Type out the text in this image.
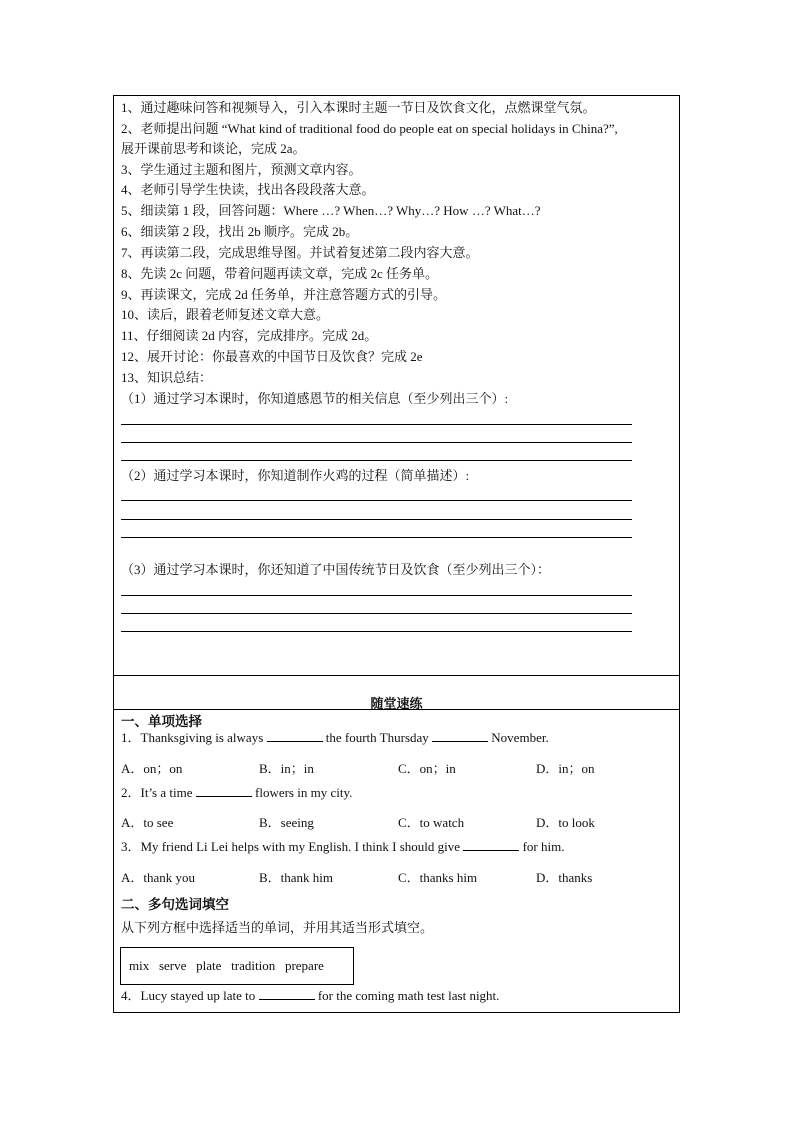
1、通过趣味问答和视频导入，引入本课时主题一节日及饮食文化，点燃课堂气氛。
2、老师提出问题 “What kind of traditional food do people eat on special holidays in China?”,
展开课前思考和谈论，完成 2a。
3、学生通过主题和图片，预测文章内容。
4、老师引导学生快读，找出各段段落大意。
5、细读第 1 段，回答问题：Where …? When…? Why…? How …? What…?
6、细读第 2 段，找出 2b 顺序。完成 2b。
7、再读第二段，完成思维导图。并试着复述第二段内容大意。
8、先读 2c 问题，带着问题再读文章，完成 2c 任务单。
9、再读课文，完成 2d 任务单，并注意答题方式的引导。
10、读后，跟着老师复述文章大意。
11、仔细阅读 2d 内容，完成排序。完成 2d。
12、展开讨论：你最喜欢的中国节日及饮食？完成 2e
13、知识总结：
（1）通过学习本课时，你知道感恩节的相关信息（至少列出三个）:
（2）通过学习本课时，你知道制作火鸡的过程（简单描述）:
（3）通过学习本课时，你还知道了中国传统节日及饮食（至少列出三个）：
随堂速练
一、单项选择
1．Thanksgiving is always	the fourth Thursday	November.
A．on；on	B．in；in	C．on；in	D．in；on
2．It’s a time	flowers in my city.
A．to see	B．seeing	C．to watch	D．to look
3．My friend Li Lei helps with my English. I think I should give	for him.
A．thank you	B．thank him	C．thanks him	D．thanks
二、多句选词填空
从下列方框中选择适当的单词，并用其适当形式填空。
mix   serve   plate   tradition   prepare
4．Lucy stayed up late to	for the coming math test last night.
